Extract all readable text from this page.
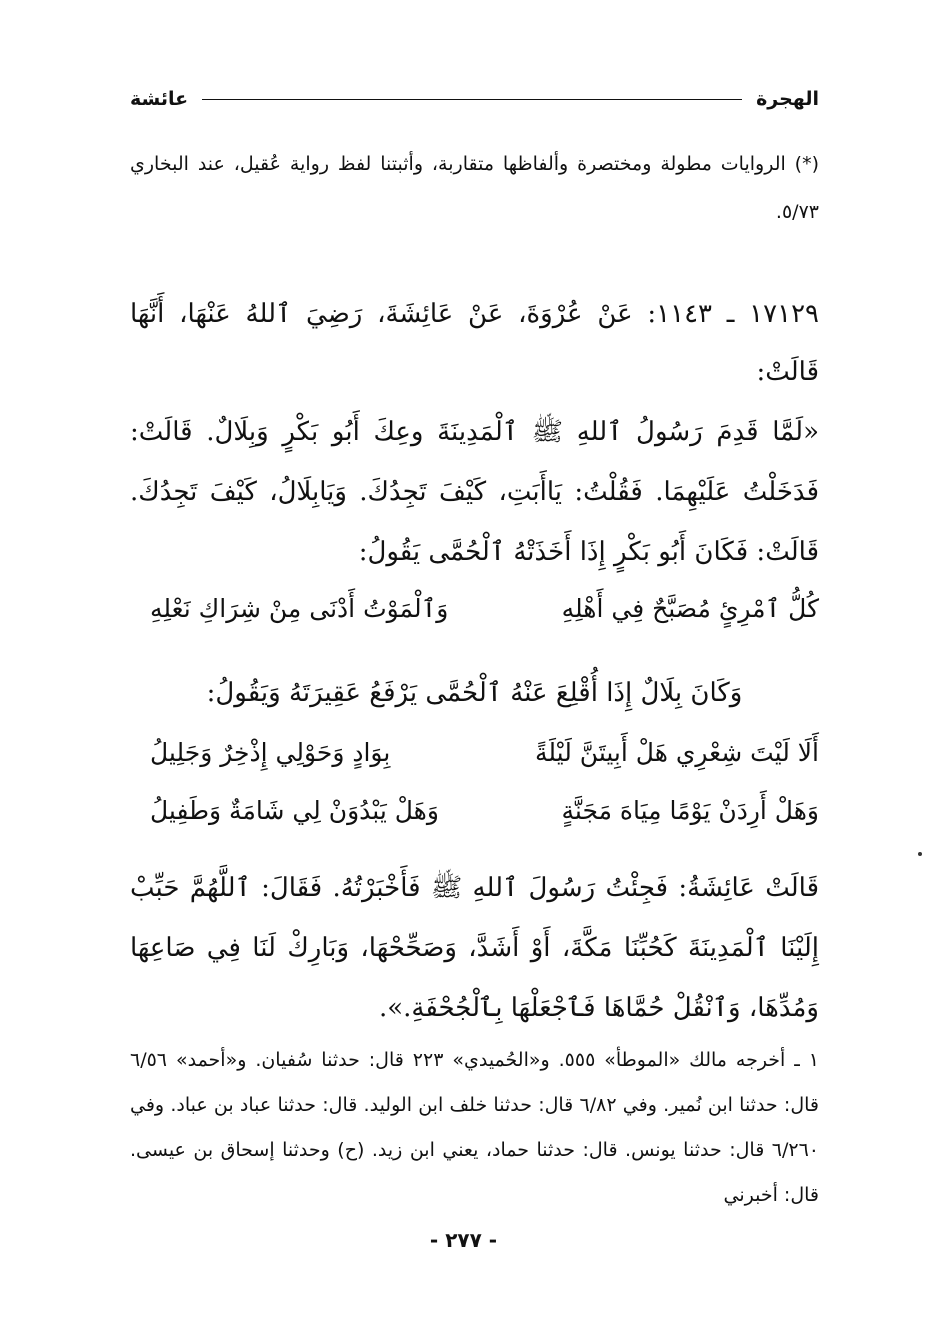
الهجرة
عائشة
(*) الروايات مطولة ومختصرة وألفاظها متقاربة، وأثبتنا لفظ رواية عُقيل، عند البخاري ٥/٧٣.
١٧١٢٩ ـ ١١٤٣: عَنْ عُرْوَةَ، عَنْ عَائِشَةَ، رَضِيَ ٱللهُ عَنْهَا، أَنَّهَا قَالَتْ:
«لَمَّا قَدِمَ رَسُولُ ٱللهِ ﷺ ٱلْمَدِينَةَ وعِكَ أَبُو بَكْرٍ وَبِلَالٌ. قَالَتْ: فَدَخَلْتُ عَلَيْهِمَا. فَقُلْتُ: يَاأَبَتِ، كَيْفَ تَجِدُكَ. وَيَابِلَالُ، كَيْفَ تَجِدُكَ. قَالَتْ: فَكَانَ أَبُو بَكْرٍ إِذَا أَخَذَتْهُ ٱلْحُمَّى يَقُولُ:
كُلُّ ٱمْرِئٍ مُصَبَّحٌ فِي أَهْلِهِ
وَٱلْمَوْتُ أَدْنَى مِنْ شِرَاكِ نَعْلِهِ
وَكَانَ بِلَالٌ إِذَا أُقْلِعَ عَنْهُ ٱلْحُمَّى يَرْفَعُ عَقِيرَتَهُ وَيَقُولُ:
أَلَا لَيْتَ شِعْرِي هَلْ أَبِيتَنَّ لَيْلَةً
بِوَادٍ وَحَوْلِي إِذْخِرٌ وَجَلِيلُ
وَهَلْ أَرِدَنْ يَوْمًا مِيَاهَ مَجَنَّةٍ
وَهَلْ يَبْدُوَنْ لِي شَامَةٌ وَطَفِيلُ
قَالَتْ عَائِشَةُ: فَجِئْتُ رَسُولَ ٱللهِ ﷺ فَأَخْبَرْتُهُ. فَقَالَ: ٱللَّهُمَّ حَبِّبْ إِلَيْنَا ٱلْمَدِينَةَ كَحُبِّنَا مَكَّةَ، أَوْ أَشَدَّ، وَصَحِّحْهَا، وَبَارِكْ لَنَا فِي صَاعِهَا وَمُدِّهَا، وَٱنْقُلْ حُمَّاهَا فَٱجْعَلْهَا بِٱلْجُحْفَةِ.».
١ ـ أخرجه مالك «الموطأ» ٥٥٥. و«الحُميدي» ٢٢٣ قال: حدثنا سُفيان. و«أحمد» ٦/٥٦ قال: حدثنا ابن نُمير. وفي ٦/٨٢ قال: حدثنا خلف ابن الوليد. قال: حدثنا عباد بن عباد. وفي ٦/٢٦٠ قال: حدثنا يونس. قال: حدثنا حماد، يعني ابن زيد. (ح) وحدثنا إسحاق بن عيسى. قال: أخبرني
- ٢٧٧ -
